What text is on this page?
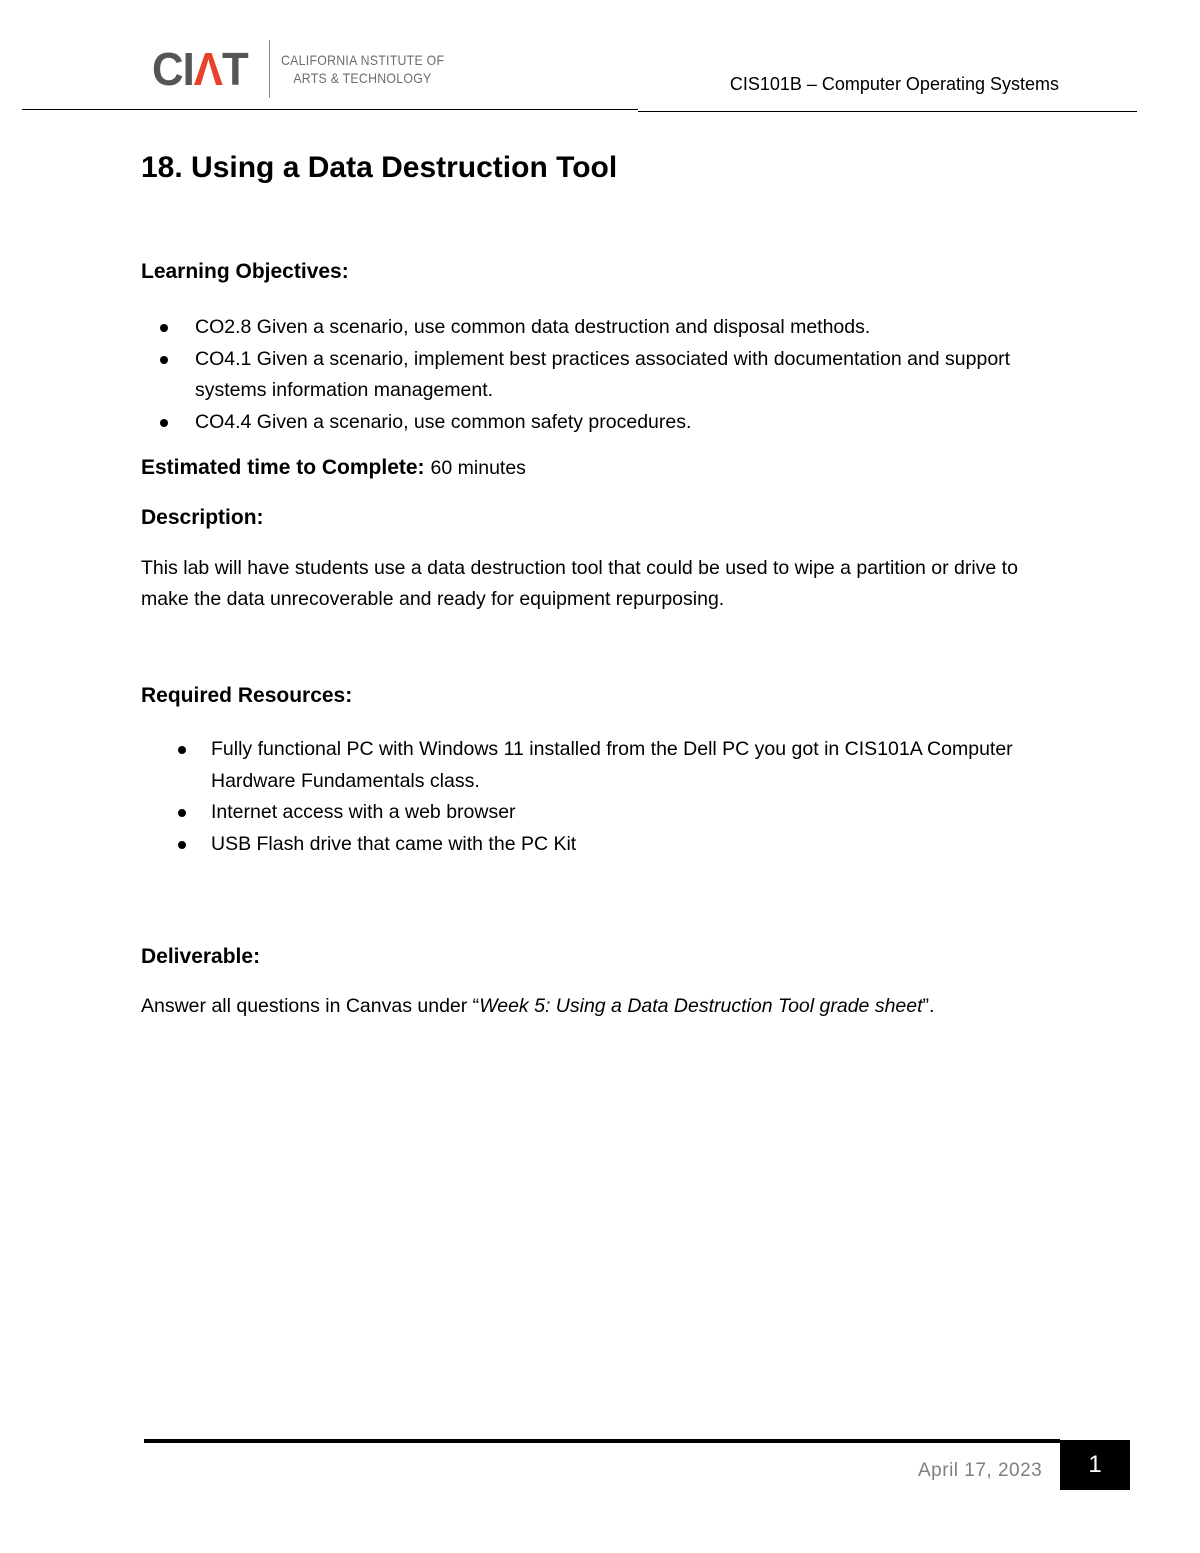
CIΛT CALIFORNIA NSTITUTE OF
ARTS & TECHNOLOGY	CIS101B – Computer Operating Systems
18. Using a Data Destruction Tool
Learning Objectives:
CO2.8 Given a scenario, use common data destruction and disposal methods.
CO4.1 Given a scenario, implement best practices associated with documentation and support systems information management.
CO4.4 Given a scenario, use common safety procedures.
Estimated time to Complete: 60 minutes
Description:

This lab will have students use a data destruction tool that could be used to wipe a partition or drive to make the data unrecoverable and ready for equipment repurposing.

Required Resources:
Fully functional PC with Windows 11 installed from the Dell PC you got in CIS101A Computer Hardware Fundamentals class.
Internet access with a web browser
USB Flash drive that came with the PC Kit
Deliverable:

Answer all questions in Canvas under “Week 5: Using a Data Destruction Tool grade sheet”.

April 17, 2023	1
